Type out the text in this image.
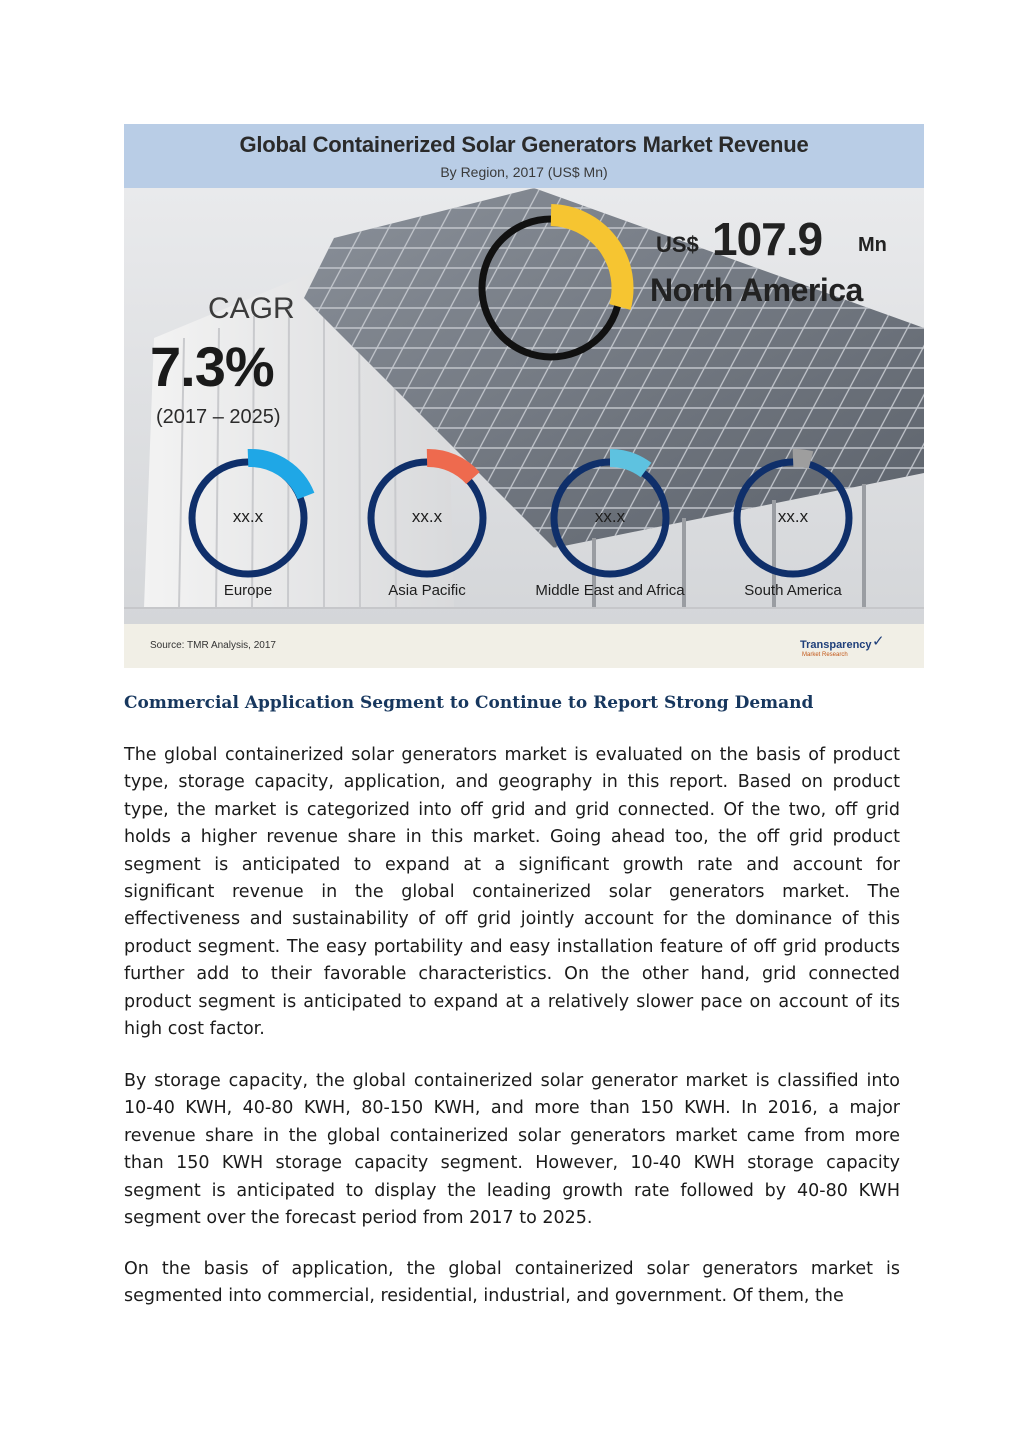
Global Containerized Solar Generators Market Revenue
By Region, 2017 (US$ Mn)
CAGR
7.3%
(2017 – 2025)
US$ 107.9 Mn
North America
xx.x	xx.x	xx.x	xx.x
Europe	Asia Pacific	Middle East and Africa	South America
Source: TMR Analysis, 2017	Transparency
Market Research
✓
Commercial Application Segment to Continue to Report Strong Demand

The global containerized solar generators market is evaluated on the basis of product type, storage capacity, application, and geography in this report. Based on product type, the market is categorized into off grid and grid connected. Of the two, off grid holds a higher revenue share in this market. Going ahead too, the off grid product segment is anticipated to expand at a significant growth rate and account for significant revenue in the global containerized solar generators market. The effectiveness and sustainability of off grid jointly account for the dominance of this product segment. The easy portability and easy installation feature of off grid products further add to their favorable characteristics. On the other hand, grid connected product segment is anticipated to expand at a relatively slower pace on account of its high cost factor.

By storage capacity, the global containerized solar generator market is classified into 10-40 KWH, 40-80 KWH, 80-150 KWH, and more than 150 KWH. In 2016, a major revenue share in the global containerized solar generators market came from more than 150 KWH storage capacity segment. However, 10-40 KWH storage capacity segment is anticipated to display the leading growth rate followed by 40-80 KWH segment over the forecast period from 2017 to 2025.

On the basis of application, the global containerized solar generators market is segmented into commercial, residential, industrial, and government. Of them, the
